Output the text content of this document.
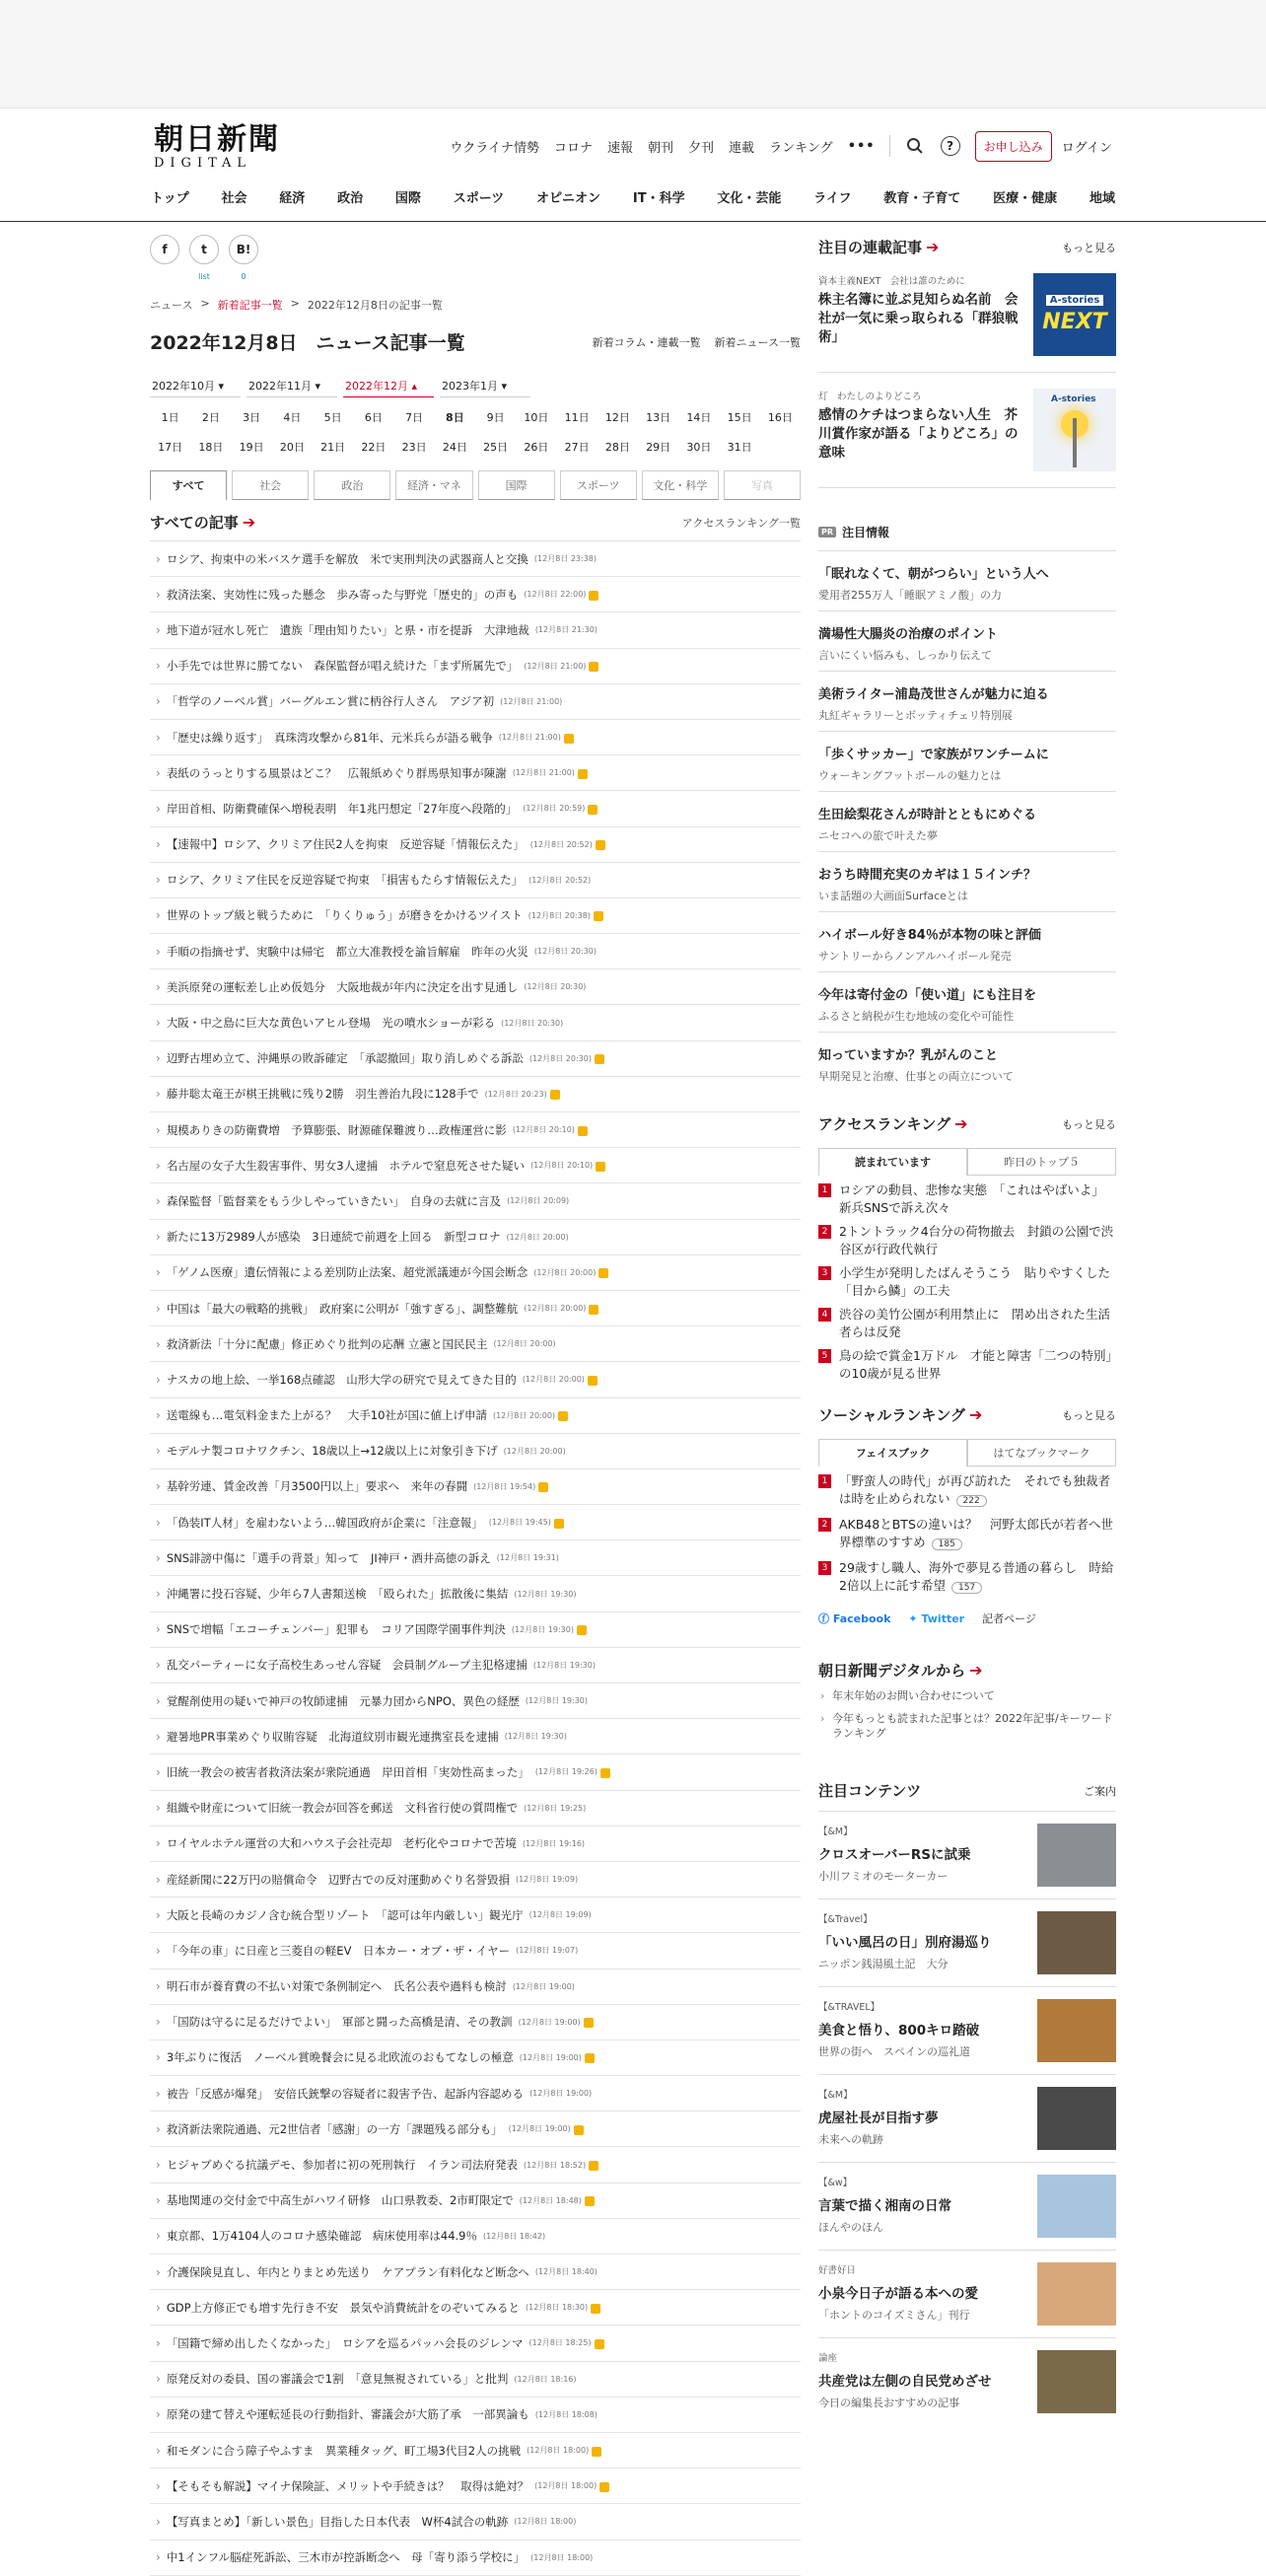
朝日新聞
DIGITAL
ウクライナ情勢 コロナ 速報 朝刊 夕刊 連載 ランキング •••	?	お申し込み	ログイン
トップ	社会	経済	政治	国際	スポーツ	オピニオン	IT・科学	文化・芸能	ライフ	教育・子育て	医療・健康	地域
f	t
list
B!
0
ニュース > 新着記事一覧 > 2022年12月8日の記事一覧
2022年12月8日　ニュース記事一覧	新着コラム・連載一覧 新着ニュース一覧
2022年10月 ▾	2022年11月 ▾	2022年12月 ▴	2023年1月 ▾
1日	2日	3日	4日	5日	6日	7日	8日	9日	10日	11日	12日	13日	14日	15日	16日
17日	18日	19日	20日	21日	22日	23日	24日	25日	26日	27日	28日	29日	30日	31日
すべて	社会	政治	経済・マネ	国際	スポーツ	文化・科学	写真
すべての記事 ➔	アクセスランキング一覧
› ロシア、拘束中の米バスケ選手を解放　米で実刑判決の武器商人と交換 (12月8日 23:38)
› 救済法案、実効性に残った懸念　歩み寄った与野党「歴史的」の声も (12月8日 22:00)
› 地下道が冠水し死亡　遺族「理由知りたい」と県・市を提訴　大津地裁 (12月8日 21:30)
› 小手先では世界に勝てない　森保監督が唱え続けた「まず所属先で」 (12月8日 21:00)
› 「哲学のノーベル賞」バーグルエン賞に柄谷行人さん　アジア初 (12月8日 21:00)
› 「歴史は繰り返す」　真珠湾攻撃から81年、元米兵らが語る戦争 (12月8日 21:00)
› 表紙のうっとりする風景はどこ？　広報紙めぐり群馬県知事が陳謝 (12月8日 21:00)
› 岸田首相、防衛費確保へ増税表明　年1兆円想定「27年度へ段階的」 (12月8日 20:59)
› 【速報中】ロシア、クリミア住民2人を拘束　反逆容疑「情報伝えた」 (12月8日 20:52)
› ロシア、クリミア住民を反逆容疑で拘束　「損害もたらす情報伝えた」 (12月8日 20:52)
› 世界のトップ級と戦うために　「りくりゅう」が磨きをかけるツイスト (12月8日 20:38)
› 手順の指摘せず、実験中は帰宅　都立大准教授を諭旨解雇　昨年の火災 (12月8日 20:30)
› 美浜原発の運転差し止め仮処分　大阪地裁が年内に決定を出す見通し (12月8日 20:30)
› 大阪・中之島に巨大な黄色いアヒル登場　光の噴水ショーが彩る (12月8日 20:30)
› 辺野古埋め立て、沖縄県の敗訴確定　「承認撤回」取り消しめぐる訴訟 (12月8日 20:30)
› 藤井聡太竜王が棋王挑戦に残り2勝　羽生善治九段に128手で (12月8日 20:23)
› 規模ありきの防衛費増　予算膨張、財源確保難渡り…政権運営に影 (12月8日 20:10)
› 名古屋の女子大生殺害事件、男女3人逮捕　ホテルで窒息死させた疑い (12月8日 20:10)
› 森保監督「監督業をもう少しやっていきたい」　自身の去就に言及 (12月8日 20:09)
› 新たに13万2989人が感染　3日連続で前週を上回る　新型コロナ (12月8日 20:00)
› 「ゲノム医療」遺伝情報による差別防止法案、超党派議連が今国会断念 (12月8日 20:00)
› 中国は「最大の戦略的挑戦」　政府案に公明が「強すぎる」、調整難航 (12月8日 20:00)
› 救済新法「十分に配慮」修正めぐり批判の応酬 立憲と国民民主 (12月8日 20:00)
› ナスカの地上絵、一挙168点確認　山形大学の研究で見えてきた目的 (12月8日 20:00)
› 送電線も…電気料金また上がる？　大手10社が国に値上げ申請 (12月8日 20:00)
› モデルナ製コロナワクチン、18歳以上→12歳以上に対象引き下げ (12月8日 20:00)
› 基幹労連、賃金改善「月3500円以上」要求へ　来年の春闘 (12月8日 19:54)
› 「偽装IT人材」を雇わないよう…韓国政府が企業に「注意報」 (12月8日 19:45)
› SNS誹謗中傷に「選手の背景」知って　JI神戸・酒井高徳の訴え (12月8日 19:31)
› 沖縄署に投石容疑、少年ら7人書類送検　「殴られた」拡散後に集結 (12月8日 19:30)
› SNSで増幅「エコーチェンバー」犯罪も　コリア国際学園事件判決 (12月8日 19:30)
› 乱交パーティーに女子高校生あっせん容疑　会員制グループ主犯格逮捕 (12月8日 19:30)
› 覚醒剤使用の疑いで神戸の牧師逮捕　元暴力団からNPO、異色の経歴 (12月8日 19:30)
› 避暑地PR事業めぐり収賄容疑　北海道紋別市観光連携室長を逮捕 (12月8日 19:30)
› 旧統一教会の被害者救済法案が衆院通過　岸田首相「実効性高まった」 (12月8日 19:26)
› 組織や財産について旧統一教会が回答を郵送　文科省行使の質問権で (12月8日 19:25)
› ロイヤルホテル運営の大和ハウス子会社売却　老朽化やコロナで苦境 (12月8日 19:16)
› 産経新聞に22万円の賠償命令　辺野古での反対運動めぐり名誉毀損 (12月8日 19:09)
› 大阪と長崎のカジノ含む統合型リゾート　「認可は年内厳しい」観光庁 (12月8日 19:09)
› 「今年の車」に日産と三菱自の軽EV　日本カー・オブ・ザ・イヤー (12月8日 19:07)
› 明石市が養育費の不払い対策で条例制定へ　氏名公表や過料も検討 (12月8日 19:00)
› 「国防は守るに足るだけでよい」　軍部と闘った高橋是清、その教訓 (12月8日 19:00)
› 3年ぶりに復活　ノーベル賞晩餐会に見る北欧流のおもてなしの極意 (12月8日 19:00)
› 被告「反感が爆発」　安倍氏銃撃の容疑者に殺害予告、起訴内容認める (12月8日 19:00)
› 救済新法衆院通過、元2世信者「感謝」の一方「課題残る部分も」 (12月8日 19:00)
› ヒジャブめぐる抗議デモ、参加者に初の死刑執行　イラン司法府発表 (12月8日 18:52)
› 基地関連の交付金で中高生がハワイ研修　山口県教委、2市町限定で (12月8日 18:48)
› 東京都、1万4104人のコロナ感染確認　病床使用率は44.9％ (12月8日 18:42)
› 介護保険見直し、年内とりまとめ先送り　ケアプラン有料化など断念へ (12月8日 18:40)
› GDP上方修正でも増す先行き不安　景気や消費統計をのぞいてみると (12月8日 18:30)
› 「国籍で締め出したくなかった」　ロシアを巡るパッハ会長のジレンマ (12月8日 18:25)
› 原発反対の委員、国の審議会で1割　「意見無視されている」と批判 (12月8日 18:16)
› 原発の建て替えや運転延長の行動指針、審議会が大筋了承　一部異論も (12月8日 18:08)
› 和モダンに合う障子やふすま　異業種タッグ、町工場3代目2人の挑戦 (12月8日 18:00)
› 【そもそも解説】マイナ保険証、メリットや手続きは？　取得は絶対？ (12月8日 18:00)
› 【写真まとめ】「新しい景色」目指した日本代表　W杯4試合の軌跡 (12月8日 18:00)
› 中1インフル脳症死訴訟、三木市が控訴断念へ　母「寄り添う学校に」 (12月8日 18:00)
注目の連載記事 ➔	もっと見る
資本主義NEXT　会社は誰のために
株主名簿に並ぶ見知らぬ名前　会社が一気に乗っ取られる「群狼戦術」
A-stories
NEXT
灯　わたしのよりどころ
感情のケチはつまらない人生　芥川賞作家が語る「よりどころ」の意味
A-stories
PR 注目情報
「眠れなくて、朝がつらい」という人へ
愛用者255万人「睡眠アミノ酸」の力
満場性大腸炎の治療のポイント
言いにくい悩みも、しっかり伝えて
美術ライター浦島茂世さんが魅力に迫る
丸紅ギャラリーとボッティチェリ特別展
「歩くサッカー」で家族がワンチームに
ウォーキングフットボールの魅力とは
生田絵梨花さんが時計とともにめぐる
ニセコへの旅で叶えた夢
おうち時間充実のカギは１５インチ？
いま話題の大画面Surfaceとは
ハイボール好き84％が本物の味と評価
サントリーからノンアルハイボール発売
今年は寄付金の「使い道」にも注目を
ふるさと納税が生む地域の変化や可能性
知っていますか？乳がんのこと
早期発見と治療、仕事との両立について
アクセスランキング ➔	もっと見る
読まれています	昨日のトップ５
1 ロシアの動員、悲惨な実態　「これはやばいよ」新兵SNSで訴え次々
2 2トントラック4台分の荷物撤去　封鎖の公園で渋谷区が行政代執行
3 小学生が発明したばんそうこう　貼りやすくした「目から鱗」の工夫
4 渋谷の美竹公園が利用禁止に　閉め出された生活者らは反発
5 鳥の絵で賞金1万ドル　才能と障害「二つの特別」の10歳が見る世界
ソーシャルランキング ➔	もっと見る
フェイスブック	はてなブックマーク
1 「野蛮人の時代」が再び訪れた　それでも独裁者は時を止められない 222
2 AKB48とBTSの違いは？　河野太郎氏が若者へ世界標準のすすめ 185
3 29歳すし職人、海外で夢見る普通の暮らし　時給2倍以上に託す希望 157
ⓕ Facebook ✦ Twitter 記者ページ
朝日新聞デジタルから ➔
› 年末年始のお問い合わせについて
› 今年もっとも読まれた記事とは？2022年記事/キーワードランキング
注目コンテンツ	ご案内
【&M】
クロスオーバーRSに試乗
小川フミオのモーターカー
【&Travel】
「いい風呂の日」別府湯巡り
ニッポン銭湯風土記　大分
【&TRAVEL】
美食と悟り、800キロ踏破
世界の街へ　スペインの巡礼道
【&M】
虎屋社長が目指す夢
未来への軌跡
【&w】
言葉で描く湘南の日常
ほんやのほん
好書好日
小泉今日子が語る本への愛
「ホントのコイズミさん」刊行
論座
共産党は左側の自民党めざせ
今日の編集長おすすめの記事
